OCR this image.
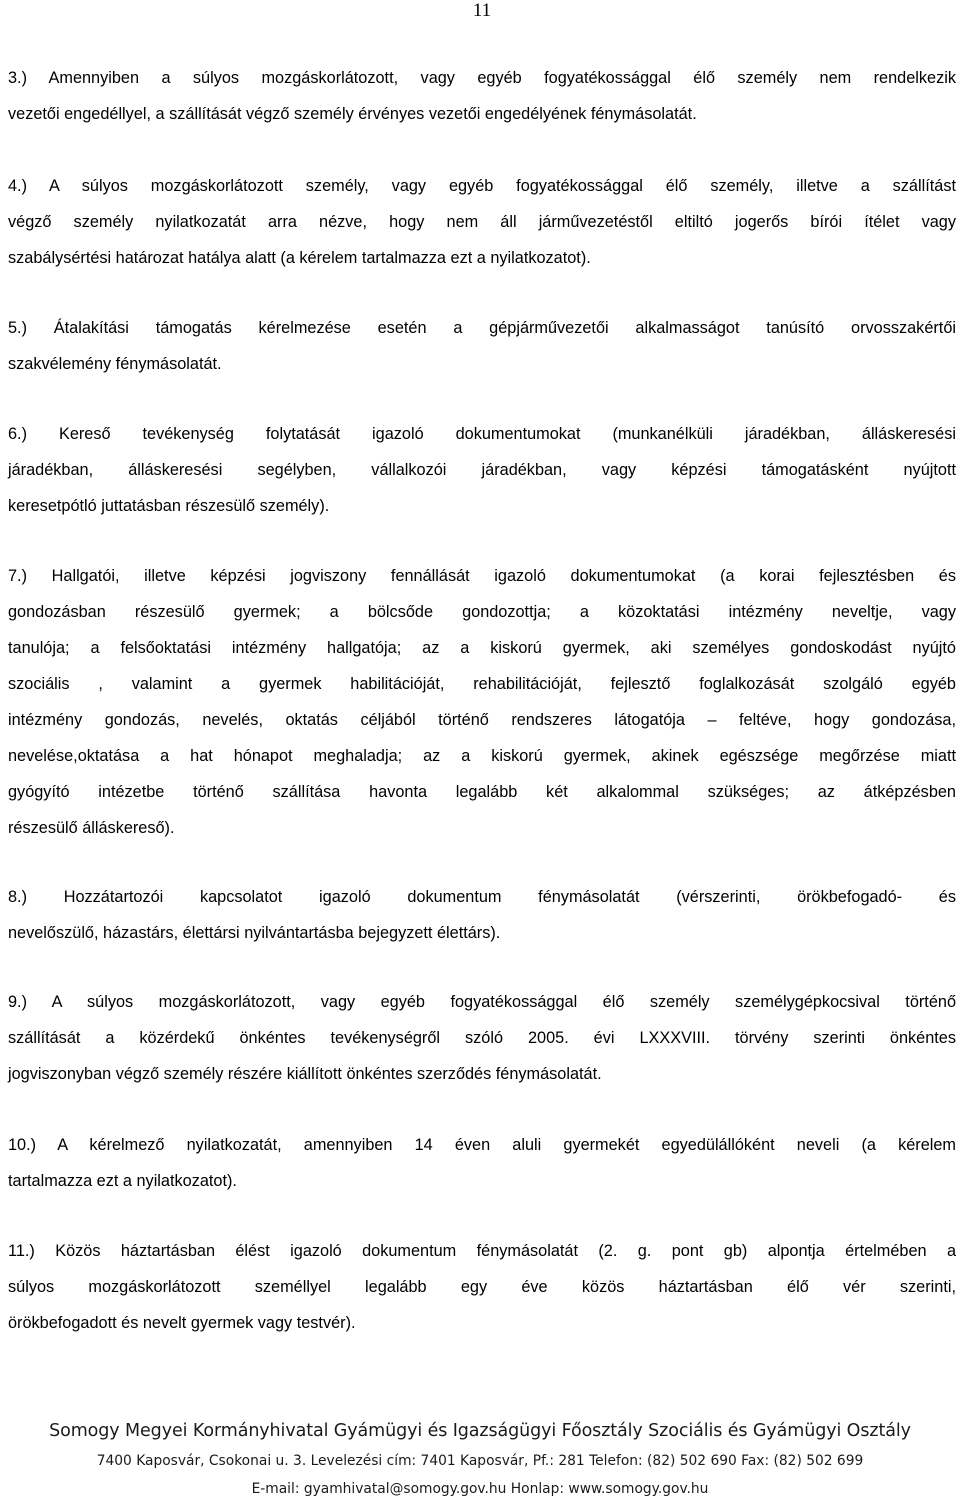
11
3.) Amennyiben a súlyos mozgáskorlátozott, vagy egyéb fogyatékossággal élő személy nem rendelkezik
vezetői engedéllyel, a szállítását végző személy érvényes vezetői engedélyének fénymásolatát.
4.) A súlyos mozgáskorlátozott személy, vagy egyéb fogyatékossággal élő személy, illetve a szállítást
végző személy nyilatkozatát arra nézve, hogy nem áll járművezetéstől eltiltó jogerős bírói ítélet vagy
szabálysértési határozat hatálya alatt (a kérelem tartalmazza ezt a nyilatkozatot).
5.) Átalakítási támogatás kérelmezése esetén a gépjárművezetői alkalmasságot tanúsító orvosszakértői
szakvélemény fénymásolatát.
6.) Kereső tevékenység folytatását igazoló dokumentumokat (munkanélküli járadékban, álláskeresési
járadékban, álláskeresési segélyben, vállalkozói járadékban, vagy képzési támogatásként nyújtott
keresetpótló juttatásban részesülő személy).
7.) Hallgatói, illetve képzési jogviszony fennállását igazoló dokumentumokat (a korai fejlesztésben és
gondozásban részesülő gyermek; a bölcsőde gondozottja; a közoktatási intézmény neveltje, vagy
tanulója; a felsőoktatási intézmény hallgatója; az a kiskorú gyermek, aki személyes gondoskodást nyújtó
szociális , valamint a gyermek habilitációját, rehabilitációját, fejlesztő foglalkozását szolgáló egyéb
intézmény gondozás, nevelés, oktatás céljából történő rendszeres látogatója – feltéve, hogy gondozása,
nevelése,oktatása a hat hónapot meghaladja; az a kiskorú gyermek, akinek egészsége megőrzése miatt
gyógyító intézetbe történő szállítása havonta legalább két alkalommal szükséges; az átképzésben
részesülő álláskereső).
8.) Hozzátartozói kapcsolatot igazoló dokumentum fénymásolatát (vérszerinti, örökbefogadó- és
nevelőszülő, házastárs, élettársi nyilvántartásba bejegyzett élettárs).
9.) A súlyos mozgáskorlátozott, vagy egyéb fogyatékossággal élő személy személygépkocsival történő
szállítását a közérdekű önkéntes tevékenységről szóló 2005. évi LXXXVIII. törvény szerinti önkéntes
jogviszonyban végző személy részére kiállított önkéntes szerződés fénymásolatát.
10.) A kérelmező nyilatkozatát, amennyiben 14 éven aluli gyermekét egyedülállóként neveli (a kérelem
tartalmazza ezt a nyilatkozatot).
11.) Közös háztartásban élést igazoló dokumentum fénymásolatát (2. g. pont gb) alpontja értelmében a
súlyos mozgáskorlátozott személlyel legalább egy éve közös háztartásban élő vér szerinti,
örökbefogadott és nevelt gyermek vagy testvér).
Somogy Megyei Kormányhivatal Gyámügyi és Igazságügyi Főosztály Szociális és Gyámügyi Osztály
7400 Kaposvár, Csokonai u. 3. Levelezési cím: 7401 Kaposvár, Pf.: 281 Telefon: (82) 502 690 Fax: (82) 502 699
E-mail: gyamhivatal@somogy.gov.hu Honlap: www.somogy.gov.hu
